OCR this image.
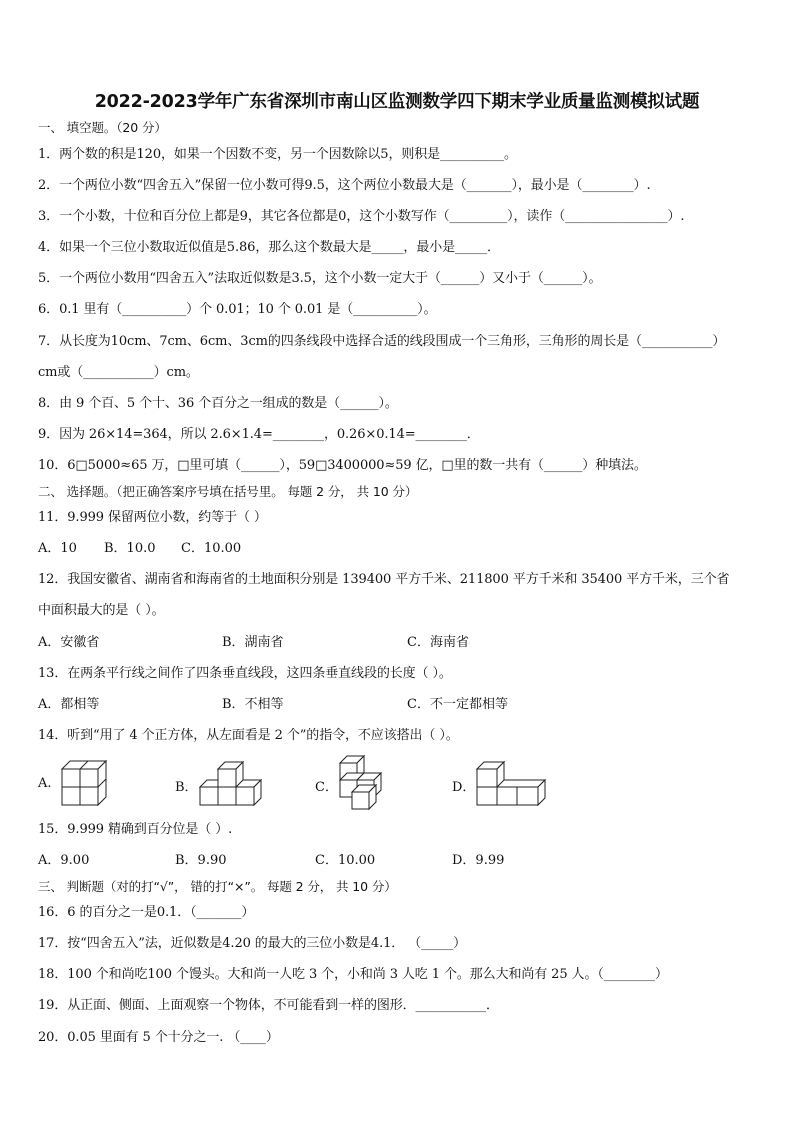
2022-2023学年广东省深圳市南山区监测数学四下期末学业质量监测模拟试题
一、 填空题。（20 分）
1．两个数的积是120，如果一个因数不变，另一个因数除以5，则积是__________。
2．一个两位小数“四舍五入”保留一位小数可得9.5，这个两位小数最大是（_______），最小是（________）.
3．一个小数，十位和百分位上都是9，其它各位都是0，这个小数写作（_________），读作（________________）.
4．如果一个三位小数取近似值是5.86，那么这个数最大是_____，最小是_____．
5．一个两位小数用“四舍五入”法取近似数是3.5，这个小数一定大于（______）又小于（______）。
6．0.1 里有（__________）个 0.01；10 个 0.01 是（__________）。
7．从长度为10cm、7cm、6cm、3cm的四条线段中选择合适的线段围成一个三角形，三角形的周长是（___________）
cm或（___________）cm。
8．由 9 个百、5 个十、36 个百分之一组成的数是（______）。
9．因为 26×14=364，所以 2.6×1.4=________，0.26×0.14=________．
10．6□5000≈65 万，□里可填（______），59□3400000≈59 亿，□里的数一共有（______）种填法。
二、 选择题。（把正确答案序号填在括号里。 每题 2 分， 共 10 分）
11．9.999 保留两位小数，约等于（ ）
A．10 B．10.0 C．10.00
12．我国安徽省、湖南省和海南省的土地面积分别是 139400 平方千米、211800 平方千米和 35400 平方千米，三个省
中面积最大的是（ ）。
A．安徽省	B．湖南省	C．海南省
13．在两条平行线之间作了四条垂直线段，这四条垂直线段的长度（ ）。
A．都相等	B．不相等	C．不一定都相等
14．听到“用了 4 个正方体，从左面看是 2 个”的指令，不应该搭出（ ）。
A.	B．	C．	D．
15．9.999 精确到百分位是（ ）.
A．9.00	B．9.90	C．10.00	D．9.99
三、 判断题（对的打“√”， 错的打“×”。 每题 2 分， 共 10 分）
16．6 的百分之一是0.1．（_______）
17．按“四舍五入”法，近似数是4.20 的最大的三位小数是4.1． （_____）
18．100 个和尚吃100 个馒头。大和尚一人吃 3 个，小和尚 3 人吃 1 个。那么大和尚有 25 人。（________）
19．从正面、侧面、上面观察一个物体，不可能看到一样的图形．___________．
20．0.05 里面有 5 个十分之一. （____）
